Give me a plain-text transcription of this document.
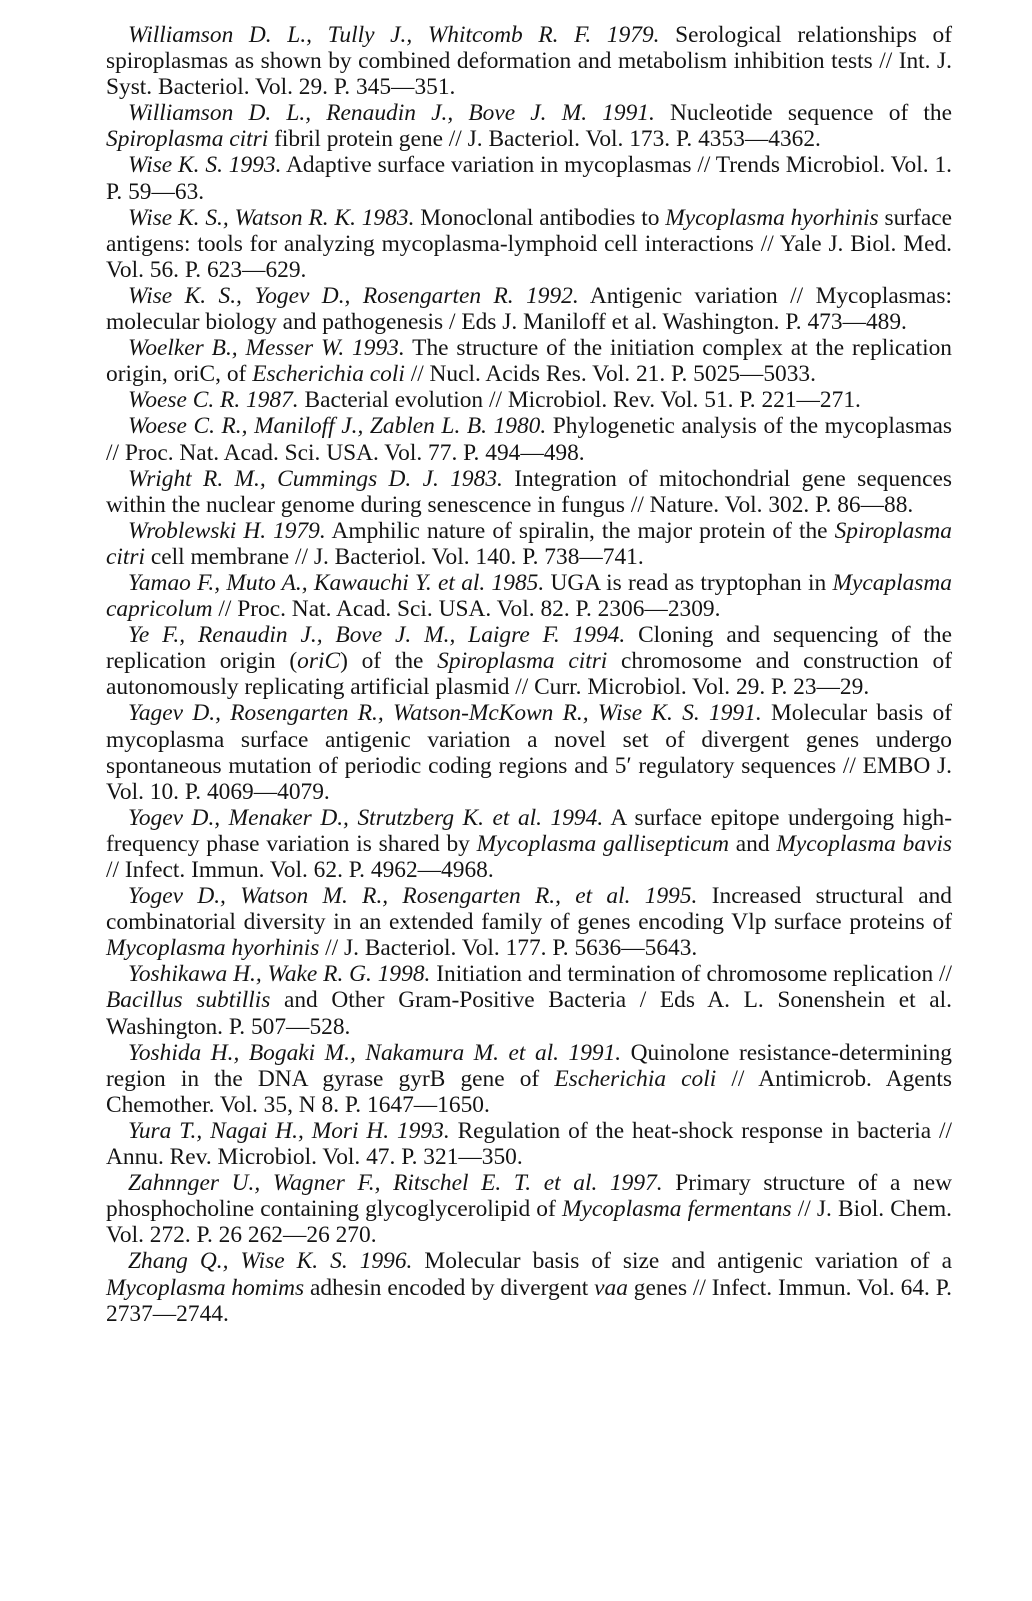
Williamson D. L., Tully J., Whitcomb R. F. 1979. Serological relationships of spiroplasmas as shown by combined deformation and metabolism inhibition tests // Int. J. Syst. Bacteriol. Vol. 29. P. 345—351.

Williamson D. L., Renaudin J., Bove J. M. 1991. Nucleotide sequence of the Spiroplasma citri fibril protein gene // J. Bacteriol. Vol. 173. P. 4353—4362.

Wise K. S. 1993. Adaptive surface variation in mycoplasmas // Trends Microbiol. Vol. 1. P. 59—63.

Wise K. S., Watson R. K. 1983. Monoclonal antibodies to Mycoplasma hyorhinis surface antigens: tools for analyzing mycoplasma-lymphoid cell interactions // Yale J. Biol. Med. Vol. 56. P. 623—629.

Wise K. S., Yogev D., Rosengarten R. 1992. Antigenic variation // Mycoplasmas: molecular biology and pathogenesis / Eds J. Maniloff et al. Washington. P. 473—489.

Woelker B., Messer W. 1993. The structure of the initiation complex at the replication origin, oriC, of Escherichia coli // Nucl. Acids Res. Vol. 21. P. 5025—5033.

Woese C. R. 1987. Bacterial evolution // Microbiol. Rev. Vol. 51. P. 221—271.

Woese C. R., Maniloff J., Zablen L. B. 1980. Phylogenetic analysis of the mycoplasmas // Proc. Nat. Acad. Sci. USA. Vol. 77. P. 494—498.

Wright R. M., Cummings D. J. 1983. Integration of mitochondrial gene sequences within the nuclear genome during senescence in fungus // Nature. Vol. 302. P. 86—88.

Wroblewski H. 1979. Amphilic nature of spiralin, the major protein of the Spiroplasma citri cell membrane // J. Bacteriol. Vol. 140. P. 738—741.

Yamao F., Muto A., Kawauchi Y. et al. 1985. UGA is read as tryptophan in Mycaplasma capricolum // Proc. Nat. Acad. Sci. USA. Vol. 82. P. 2306—2309.

Ye F., Renaudin J., Bove J. M., Laigre F. 1994. Cloning and sequencing of the replication origin (oriC) of the Spiroplasma citri chromosome and construction of autonomously replicating artificial plasmid // Curr. Microbiol. Vol. 29. P. 23—29.

Yagev D., Rosengarten R., Watson-McKown R., Wise K. S. 1991. Molecular basis of mycoplasma surface antigenic variation a novel set of divergent genes undergo spontaneous mutation of periodic coding regions and 5′ regulatory sequences // EMBO J. Vol. 10. P. 4069—4079.

Yogev D., Menaker D., Strutzberg K. et al. 1994. A surface epitope undergoing high-frequency phase variation is shared by Mycoplasma gallisepticum and Mycoplasma bavis // Infect. Immun. Vol. 62. P. 4962—4968.

Yogev D., Watson M. R., Rosengarten R., et al. 1995. Increased structural and combinatorial diversity in an extended family of genes encoding Vlp surface proteins of Mycoplasma hyorhinis // J. Bacteriol. Vol. 177. P. 5636—5643.

Yoshikawa H., Wake R. G. 1998. Initiation and termination of chromosome replication // Bacillus subtillis and Other Gram-Positive Bacteria / Eds A. L. Sonenshein et al. Washington. P. 507—528.

Yoshida H., Bogaki M., Nakamura M. et al. 1991. Quinolone resistance-determining region in the DNA gyrase gyrB gene of Escherichia coli // Antimicrob. Agents Chemother. Vol. 35, N 8. P. 1647—1650.

Yura T., Nagai H., Mori H. 1993. Regulation of the heat-shock response in bacteria // Annu. Rev. Microbiol. Vol. 47. P. 321—350.

Zahnnger U., Wagner F., Ritschel E. T. et al. 1997. Primary structure of a new phosphocholine containing glycoglycerolipid of Mycoplasma fermentans // J. Biol. Chem. Vol. 272. P. 26 262—26 270.

Zhang Q., Wise K. S. 1996. Molecular basis of size and antigenic variation of a Mycoplasma homims adhesin encoded by divergent vaa genes // Infect. Immun. Vol. 64. P. 2737—2744.
